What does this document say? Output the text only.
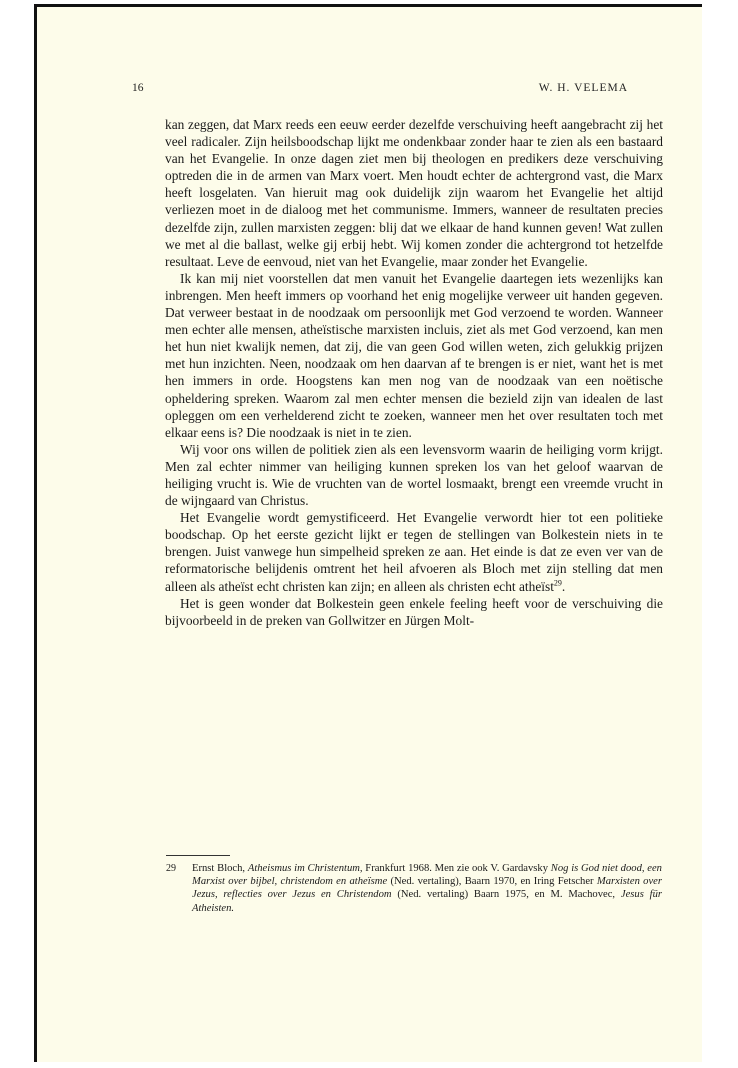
16	W. H. VELEMA

kan zeggen, dat Marx reeds een eeuw eerder dezelfde verschuiving heeft aangebracht zij het veel radicaler. Zijn heilsboodschap lijkt me ondenkbaar zonder haar te zien als een bastaard van het Evangelie. In onze dagen ziet men bij theologen en predikers deze verschuiving optreden die in de armen van Marx voert. Men houdt echter de achtergrond vast, die Marx heeft losgelaten. Van hieruit mag ook duidelijk zijn waarom het Evangelie het altijd verliezen moet in de dialoog met het communisme. Immers, wanneer de resultaten precies dezelfde zijn, zullen marxisten zeggen: blij dat we elkaar de hand kunnen geven! Wat zullen we met al die ballast, welke gij erbij hebt. Wij komen zonder die achtergrond tot hetzelfde resultaat. Leve de eenvoud, niet van het Evangelie, maar zonder het Evangelie.

Ik kan mij niet voorstellen dat men vanuit het Evangelie daartegen iets wezenlijks kan inbrengen. Men heeft immers op voorhand het enig mogelijke verweer uit handen gegeven. Dat verweer bestaat in de noodzaak om persoonlijk met God verzoend te worden. Wanneer men echter alle mensen, atheïstische marxisten incluis, ziet als met God verzoend, kan men het hun niet kwalijk nemen, dat zij, die van geen God willen weten, zich gelukkig prijzen met hun inzichten. Neen, noodzaak om hen daarvan af te brengen is er niet, want het is met hen immers in orde. Hoogstens kan men nog van de noodzaak van een noëtische opheldering spreken. Waarom zal men echter mensen die bezield zijn van idealen de last opleggen om een verhelderend zicht te zoeken, wanneer men het over resultaten toch met elkaar eens is? Die noodzaak is niet in te zien.

Wij voor ons willen de politiek zien als een levensvorm waarin de heiliging vorm krijgt. Men zal echter nimmer van heiliging kunnen spreken los van het geloof waarvan de heiliging vrucht is. Wie de vruchten van de wortel losmaakt, brengt een vreemde vrucht in de wijngaard van Christus.

Het Evangelie wordt gemystificeerd. Het Evangelie verwordt hier tot een politieke boodschap. Op het eerste gezicht lijkt er tegen de stellingen van Bolkestein niets in te brengen. Juist vanwege hun simpelheid spreken ze aan. Het einde is dat ze even ver van de reformatorische belijdenis omtrent het heil afvoeren als Bloch met zijn stelling dat men alleen als atheïst echt christen kan zijn; en alleen als christen echt atheïst$^{29}$.

Het is geen wonder dat Bolkestein geen enkele feeling heeft voor de verschuiving die bijvoorbeeld in de preken van Gollwitzer en Jürgen Molt-

29 Ernst Bloch, Atheismus im Christentum, Frankfurt 1968. Men zie ook V. Gardavsky Nog is God niet dood, een Marxist over bijbel, christendom en atheïsme (Ned. vertaling), Baarn 1970, en Iring Fetscher Marxisten over Jezus, reflecties over Jezus en Christendom (Ned. vertaling) Baarn 1975, en M. Machovec, Jesus für Atheisten.
